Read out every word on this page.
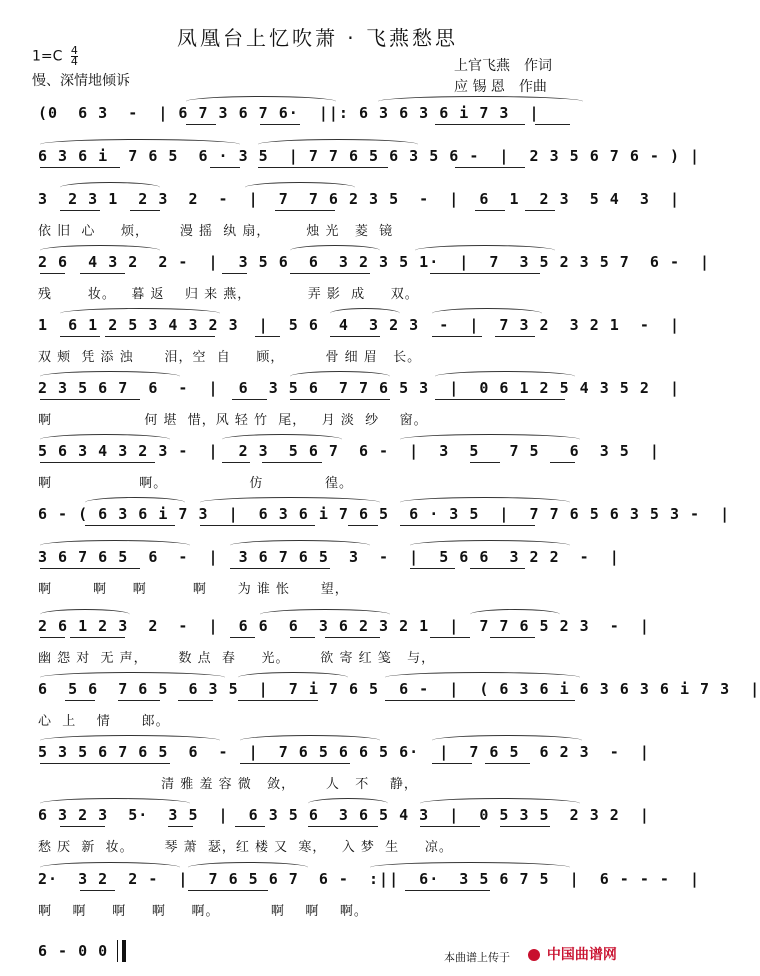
凤凰台上忆吹萧 · 飞燕愁思
$1=C \frac{4}{4}$
慢、深情地倾诉
上官飞燕　作词
应 锡 恩　作曲
(0  6 3  -  | 6 7 3 6 7 6·  ||: 6 3 6 3 6 i 7 3  |
6 3 6 i  7 6 5  6 · 3 5  | 7 7 6 5 6 3 5 6 -  |  2 3 5 6 7 6 - ) |
3  2 3 1  2 3  2  -  |  7  7 6 2 3 5  -  |  6  1  2 3  5 4  3  |
依 旧  心     烦，      漫 摇  纨 扇，       烛 光   菱  镜
2 6  4 3 2  2 -  |  3 5 6  6  3 2 3 5 1·  |  7  3 5 2 3 5 7  6 -  |
残       妆。   暮 返    归 来 燕，           弄 影  成     双。
1  6 1 2 5 3 4 3 2 3  |  5 6  4  3 2 3  -  |  7 3 2  3 2 1  -  |
双 颊  凭 添 浊      泪，空  自     顾，        骨 细 眉   长。
2 3 5 6 7  6  -  |  6  3 5 6  7 7 6 5 3  |  0 6 1 2 5 4 3 5 2  |
啊                  何 堪  惜，风 轻 竹  尾，   月 淡  纱    窗。
5 6 3 4 3 2 3 -  |  2 3  5 6 7  6 -  |  3  5   7 5   6  3 5  |
啊                 啊。                仿            徨。
6 - ( 6 3 6 i 7 3  |  6 3 6 i 7 6 5  6 · 3 5  |  7 7 6 5 6 3 5 3 -  |
3 6 7 6 5  6  -  |  3 6 7 6 5  3  -  |  5 6 6  3 2 2  -  |
啊        啊     啊         啊      为 谁 怅      望，
2 6 1 2 3  2  -  |  6 6  6  3 6 2 3 2 1  |  7 7 6 5 2 3  -  |
幽 怨 对  无 声，      数 点  春     光。      欲 寄 红 笺   与，
6  5 6  7 6 5  6 3 5  |  7 i 7 6 5  6 -  |  ( 6 3 6 i 6 3 6 3 6 i 7 3  |
心  上    情      郎。
5 3 5 6 7 6 5  6  -  |  7 6 5 6 6 5 6·  |  7 6 5  6 2 3  -  |
清 雅 羞 容 微   敛，      人   不    静，
6 3 2 3  5·  3 5  |  6 3 5 6  3 6 5 4 3  |  0 5 3 5  2 3 2  |
愁 厌  新  妆。      琴 萧  瑟，红 楼 又  寒，   入 梦  生     凉。
2·  3 2  2 -  |  7 6 5 6 7  6 -  :||  6·  3 5 6 7 5  |  6 - - -  |
啊    啊     啊     啊     啊。          啊    啊    啊。
6 - 0 0	本曲谱上传于	中国曲谱网
